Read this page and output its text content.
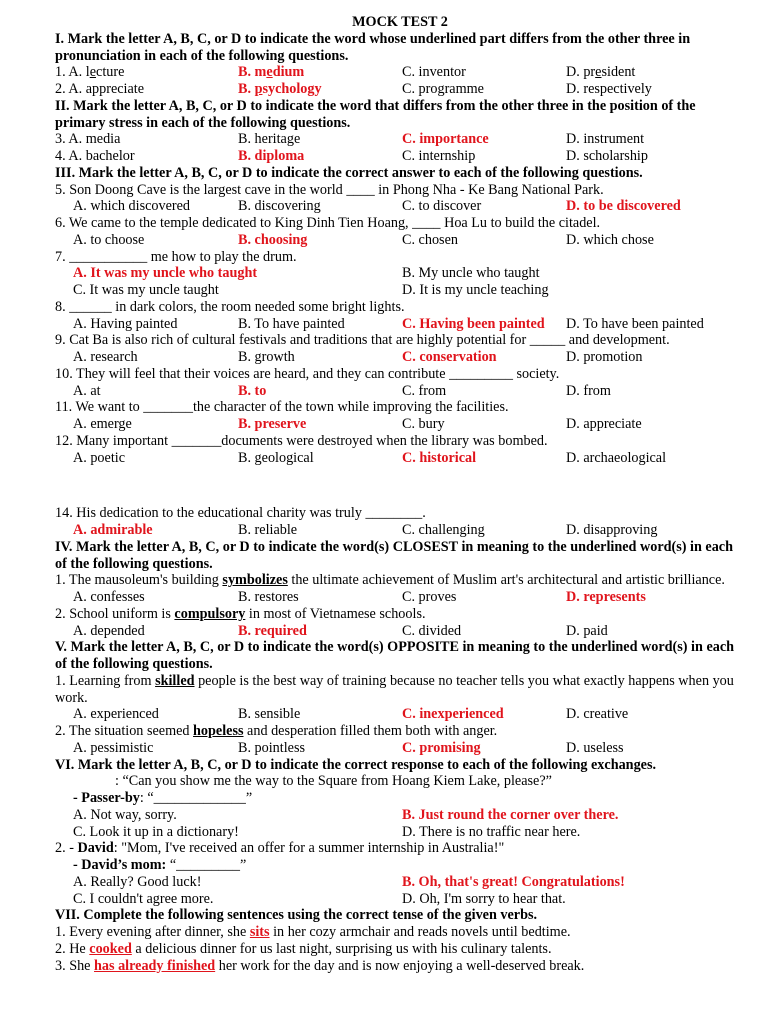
MOCK TEST 2
I. Mark the letter A, B, C, or D to indicate the word whose underlined part differs from the other three in pronunciation in each of the following questions.
1. A. lecture	B. medium	C. inventor	D. president
2. A. appreciate	B. psychology	C. programme	D. respectively
II. Mark the letter A, B, C, or D to indicate the word that differs from the other three in the position of the primary stress in each of the following questions.
3. A. media	B. heritage	C. importance	D. instrument
4. A. bachelor	B. diploma	C. internship	D. scholarship
III. Mark the letter A, B, C, or D to indicate the correct answer to each of the following questions.
5. Son Doong Cave is the largest cave in the world ____ in Phong Nha - Ke Bang National Park.
A. which discovered	B. discovering	C. to discover	D. to be discovered
6. We came to the temple dedicated to King Dinh Tien Hoang, ____ Hoa Lu to build the citadel.
A. to choose	B. choosing	C. chosen	D. which chose
7. ___________ me how to play the drum.
A. It was my uncle who taught	B. My uncle who taught
C. It was my uncle taught	D. It is my uncle teaching
8. ______ in dark colors, the room needed some bright lights.
A. Having painted	B. To have painted	C. Having been painted D. To have been painted
9. Cat Ba is also rich of cultural festivals and traditions that are highly potential for _____ and development.
A. research	B. growth	C. conservation	D. promotion
10. They will feel that their voices are heard, and they can contribute _________ society.
A. at	B. to	C. from	D. from
11. We want to _______the character of the town while improving the facilities.
A. emerge	B. preserve	C. bury	D. appreciate
12. Many important _______documents were destroyed when the library was bombed.
A. poetic	B. geological	C. historical	D. archaeological
14. His dedication to the educational charity was truly ________.
A. admirable	B. reliable	C. challenging	D. disapproving
IV. Mark the letter A, B, C, or D to indicate the word(s) CLOSEST in meaning to the underlined word(s) in each of the following questions.
1. The mausoleum's building symbolizes the ultimate achievement of Muslim art's architectural and artistic brilliance.
A. confesses	B. restores	C. proves	D. represents
2. School uniform is compulsory in most of Vietnamese schools.
A. depended	B. required	C. divided	D. paid
V. Mark the letter A, B, C, or D to indicate the word(s) OPPOSITE in meaning to the underlined word(s) in each of the following questions.
1. Learning from skilled people is the best way of training because no teacher tells you what exactly happens when you work.
A. experienced	B. sensible	C. inexperienced	D. creative
2. The situation seemed hopeless and desperation filled them both with anger.
A. pessimistic	B. pointless	C. promising	D. useless
VI. Mark the letter A, B, C, or D to indicate the correct response to each of the following exchanges.
: “Can you show me the way to the Square from Hoang Kiem Lake, please?”
- Passer-by: “_____________”
A. Not way, sorry.	B. Just round the corner over there.
C. Look it up in a dictionary!	D. There is no traffic near here.
2. - David: "Mom, I've received an offer for a summer internship in Australia!"
- David’s mom: “_________”
A. Really? Good luck!	B. Oh, that's great! Congratulations!
C. I couldn't agree more.	D. Oh, I'm sorry to hear that.
VII. Complete the following sentences using the correct tense of the given verbs.
1. Every evening after dinner, she sits in her cozy armchair and reads novels until bedtime.
2. He cooked a delicious dinner for us last night, surprising us with his culinary talents.
3. She has already finished her work for the day and is now enjoying a well-deserved break.
